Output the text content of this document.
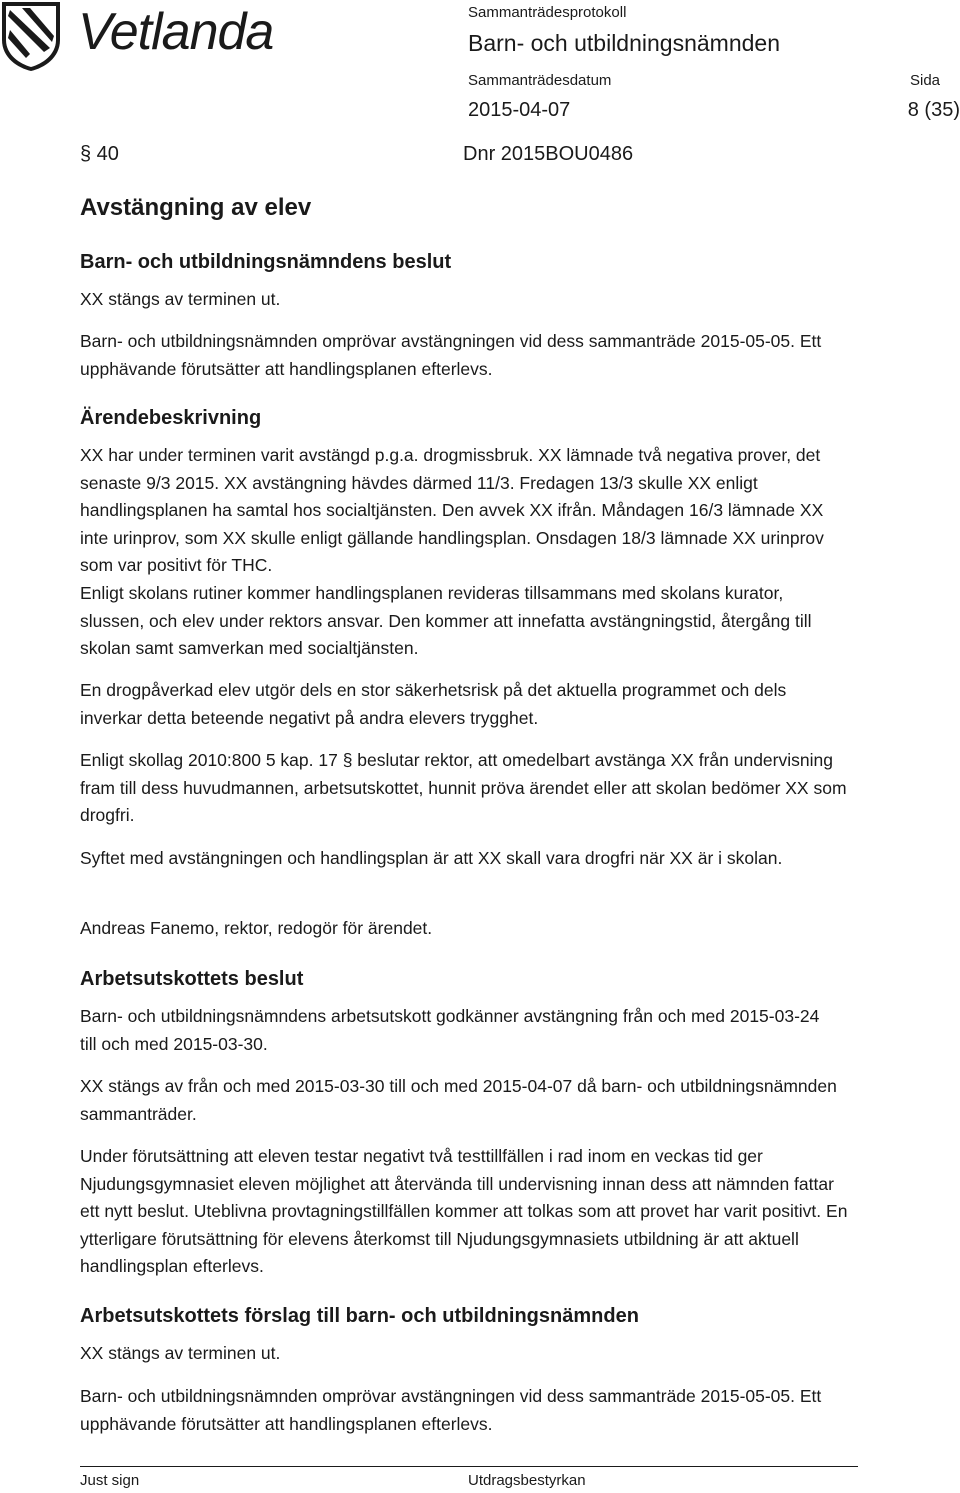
Vetlanda	Sammanträdesprotokoll
Barn- och utbildningsnämnden
Sammanträdesdatum	Sida
2015-04-07	8 (35)
§ 40	Dnr 2015BOU0486
Avstängning av elev
Barn- och utbildningsnämndens beslut

XX stängs av terminen ut.

Barn- och utbildningsnämnden omprövar avstängningen vid dess sammanträde 2015-05-05. Ett upphävande förutsätter att handlingsplanen efterlevs.

Ärendebeskrivning

XX har under terminen varit avstängd p.g.a. drogmissbruk. XX lämnade två negativa prover, det senaste 9/3 2015. XX avstängning hävdes därmed 11/3. Fredagen 13/3 skulle XX enligt handlingsplanen ha samtal hos socialtjänsten. Den avvek XX ifrån. Måndagen 16/3 lämnade XX inte urinprov, som XX skulle enligt gällande handlingsplan. Onsdagen 18/3 lämnade XX urinprov som var positivt för THC.

Enligt skolans rutiner kommer handlingsplanen revideras tillsammans med skolans kurator, slussen, och elev under rektors ansvar. Den kommer att innefatta avstängningstid, återgång till skolan samt samverkan med socialtjänsten.

En drogpåverkad elev utgör dels en stor säkerhetsrisk på det aktuella programmet och dels inverkar detta beteende negativt på andra elevers trygghet.

Enligt skollag 2010:800 5 kap. 17 § beslutar rektor, att omedelbart avstänga XX från undervisning fram till dess huvudmannen, arbetsutskottet, hunnit pröva ärendet eller att skolan bedömer XX som drogfri.

Syftet med avstängningen och handlingsplan är att XX skall vara drogfri när XX är i skolan.

Andreas Fanemo, rektor, redogör för ärendet.

Arbetsutskottets beslut

Barn- och utbildningsnämndens arbetsutskott godkänner avstängning från och med 2015-03-24 till och med 2015-03-30.

XX stängs av från och med 2015-03-30 till och med 2015-04-07 då barn- och utbildningsnämnden sammanträder.

Under förutsättning att eleven testar negativt två testtillfällen i rad inom en veckas tid ger Njudungsgymnasiet eleven möjlighet att återvända till undervisning innan dess att nämnden fattar ett nytt beslut. Uteblivna provtagningstillfällen kommer att tolkas som att provet har varit positivt. En ytterligare förutsättning för elevens återkomst till Njudungsgymnasiets utbildning är att aktuell handlingsplan efterlevs.

Arbetsutskottets förslag till barn- och utbildningsnämnden

XX stängs av terminen ut.

Barn- och utbildningsnämnden omprövar avstängningen vid dess sammanträde 2015-05-05. Ett upphävande förutsätter att handlingsplanen efterlevs.

Just sign	Utdragsbestyrkan
